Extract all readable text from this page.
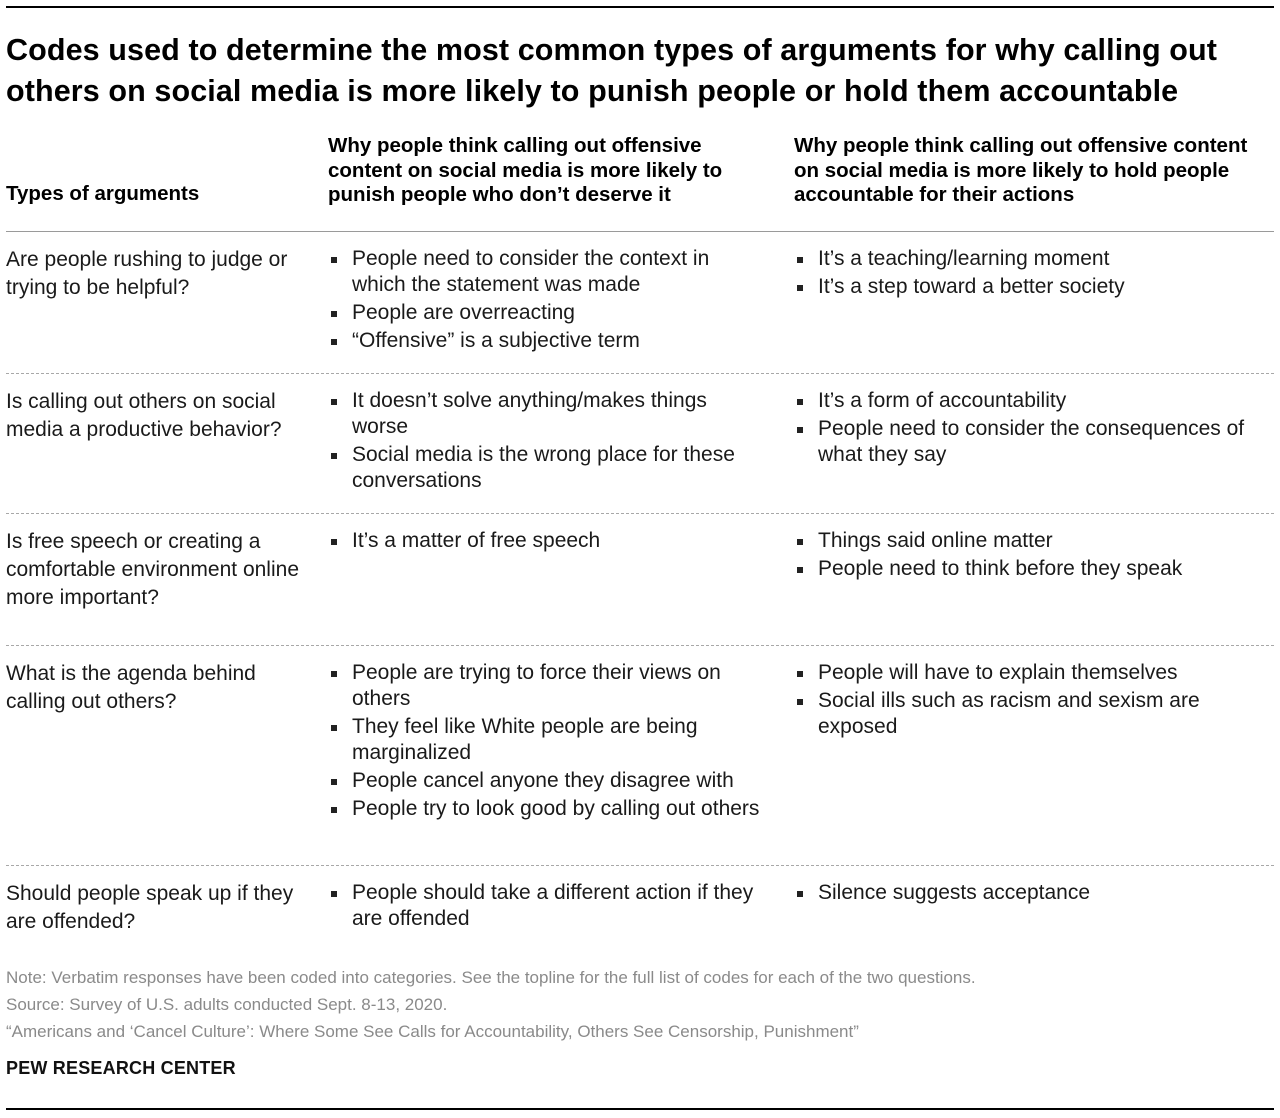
Codes used to determine the most common types of arguments for why calling out others on social media is more likely to punish people or hold them accountable
Types of arguments
Why people think calling out offensive content on social media is more likely to punish people who don’t deserve it
Why people think calling out offensive content on social media is more likely to hold people accountable for their actions
Are people rushing to judge or trying to be helpful?
People need to consider the context in which the statement was made
People are overreacting
“Offensive” is a subjective term
It’s a teaching/learning moment
It’s a step toward a better society
Is calling out others on social media a productive behavior?
It doesn’t solve anything/makes things worse
Social media is the wrong place for these conversations
It’s a form of accountability
People need to consider the consequences of what they say
Is free speech or creating a comfortable environment online more important?
It’s a matter of free speech	Things said online matter
People need to think before they speak
What is the agenda behind calling out others?
People are trying to force their views on others
They feel like White people are being marginalized
People cancel anyone they disagree with
People try to look good by calling out others
People will have to explain themselves
Social ills such as racism and sexism are exposed
Should people speak up if they are offended?
People should take a different action if they are offended
Silence suggests acceptance
Note: Verbatim responses have been coded into categories. See the topline for the full list of codes for each of the two questions.
Source: Survey of U.S. adults conducted Sept. 8-13, 2020.
“Americans and ‘Cancel Culture’: Where Some See Calls for Accountability, Others See Censorship, Punishment”
PEW RESEARCH CENTER
